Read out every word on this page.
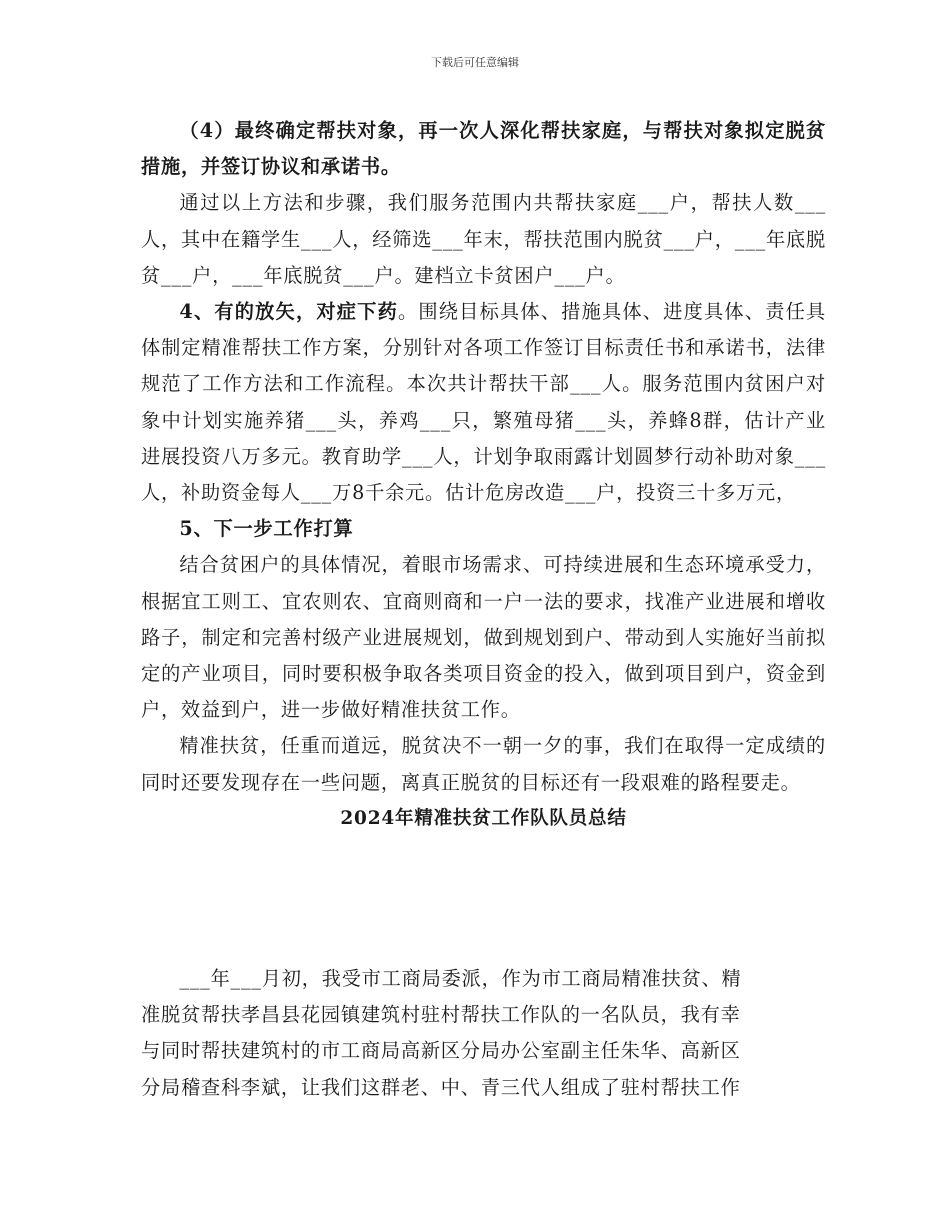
下载后可任意编辑

（4）最终确定帮扶对象，再一次人深化帮扶家庭，与帮扶对象拟定脱贫措施，并签订协议和承诺书。

通过以上方法和步骤，我们服务范围内共帮扶家庭___户，帮扶人数___人，其中在籍学生___人，经筛选___年末，帮扶范围内脱贫___户，___年底脱贫___户，___年底脱贫___户。建档立卡贫困户___户。

4、有的放矢，对症下药。围绕目标具体、措施具体、进度具体、责任具体制定精准帮扶工作方案，分别针对各项工作签订目标责任书和承诺书，法律规范了工作方法和工作流程。本次共计帮扶干部___人。服务范围内贫困户对象中计划实施养猪___头，养鸡___只，繁殖母猪___头，养蜂8群，估计产业进展投资八万多元。教育助学___人，计划争取雨露计划圆梦行动补助对象___人，补助资金每人___万8千余元。估计危房改造___户，投资三十多万元，

5、下一步工作打算

结合贫困户的具体情况，着眼市场需求、可持续进展和生态环境承受力，根据宜工则工、宜农则农、宜商则商和一户一法的要求，找准产业进展和增收路子，制定和完善村级产业进展规划，做到规划到户、带动到人实施好当前拟定的产业项目，同时要积极争取各类项目资金的投入，做到项目到户，资金到户，效益到户，进一步做好精准扶贫工作。

精准扶贫，任重而道远，脱贫决不一朝一夕的事，我们在取得一定成绩的同时还要发现存在一些问题，离真正脱贫的目标还有一段艰难的路程要走。

2024年精准扶贫工作队队员总结

___年___月初，我受市工商局委派，作为市工商局精准扶贫、精
准脱贫帮扶孝昌县花园镇建筑村驻村帮扶工作队的一名队员，我有幸
与同时帮扶建筑村的市工商局高新区分局办公室副主任朱华、高新区
分局稽查科李斌，让我们这群老、中、青三代人组成了驻村帮扶工作
